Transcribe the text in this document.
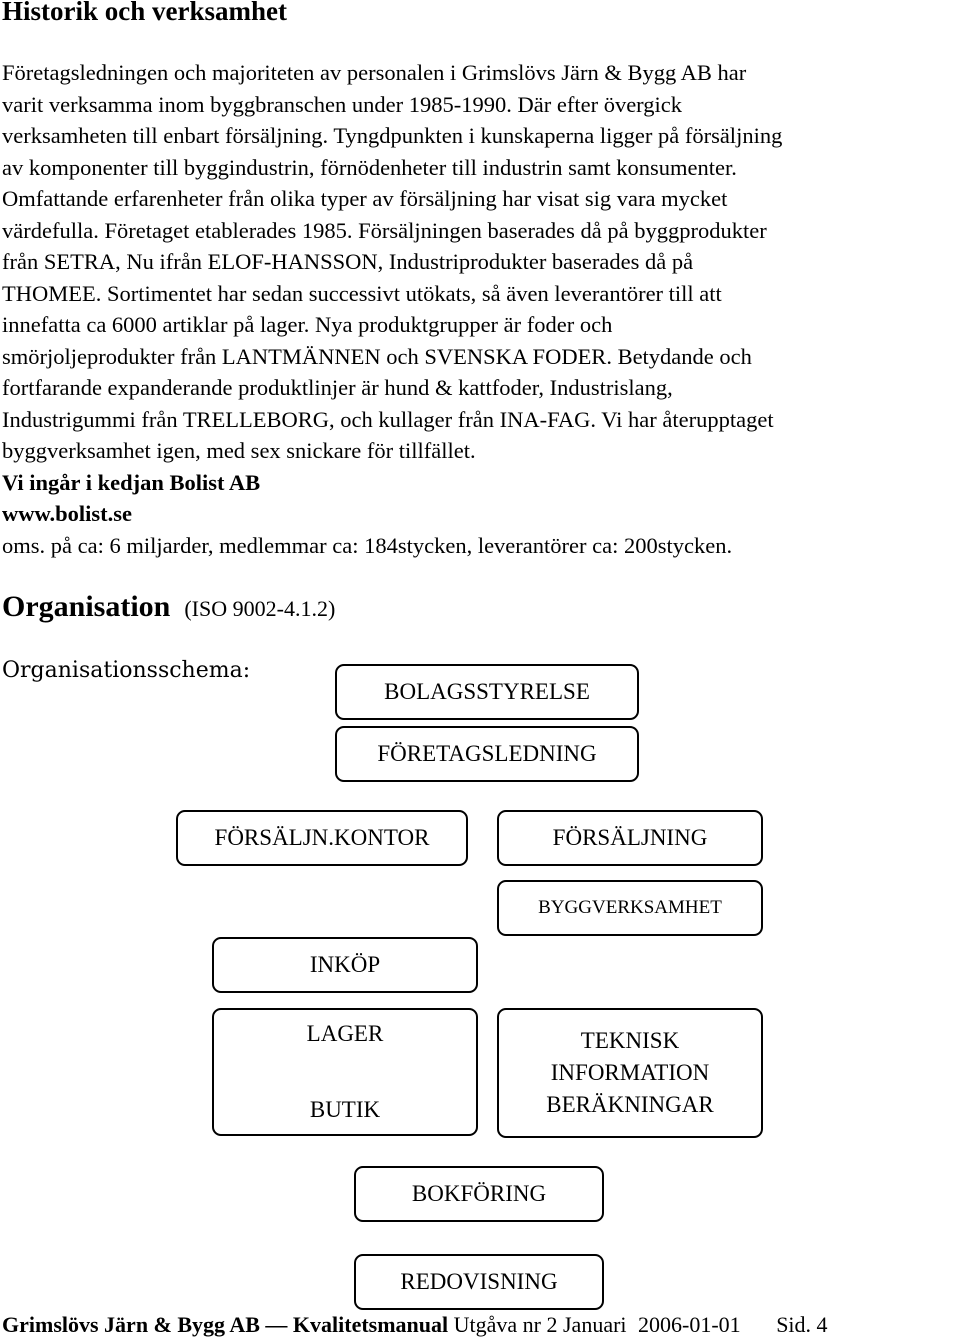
Historik och verksamhet
Företagsledningen och majoriteten av personalen i Grimslövs Järn & Bygg AB har
varit verksamma inom byggbranschen under 1985-1990. Där efter övergick
verksamheten till enbart försäljning. Tyngdpunkten i kunskaperna ligger på försäljning
av komponenter till byggindustrin, förnödenheter till industrin samt konsumenter.
Omfattande erfarenheter från olika typer av försäljning har visat sig vara mycket
värdefulla. Företaget etablerades 1985. Försäljningen baserades då på byggprodukter
från SETRA, Nu ifrån ELOF-HANSSON, Industriprodukter baserades då på
THOMEE. Sortimentet har sedan successivt utökats, så även leverantörer till att
innefatta ca 6000 artiklar på lager. Nya produktgrupper är foder och
smörjoljeprodukter från LANTMÄNNEN och SVENSKA FODER. Betydande och
fortfarande expanderande produktlinjer är hund & kattfoder, Industrislang,
Industrigummi från TRELLEBORG, och kullager från INA-FAG. Vi har återupptaget
byggverksamhet igen, med sex snickare för tillfället.
Vi ingår i kedjan Bolist AB
www.bolist.se
oms. på ca: 6 miljarder, medlemmar ca: 184stycken, leverantörer ca: 200stycken.
Organisation (ISO 9002-4.1.2)
Organisationsschema:
BOLAGSSTYRELSE
FÖRETAGSLEDNING
FÖRSÄLJN.KONTOR	FÖRSÄLJNING
BYGGVERKSAMHET
INKÖP
LAGER
BUTIK
TEKNISK
INFORMATION
BERÄKNINGAR
BOKFÖRING
REDOVISNING
Grimslövs Järn & Bygg AB — Kvalitetsmanual Utgåva nr 2 Januari 2006-01-01 Sid. 4
